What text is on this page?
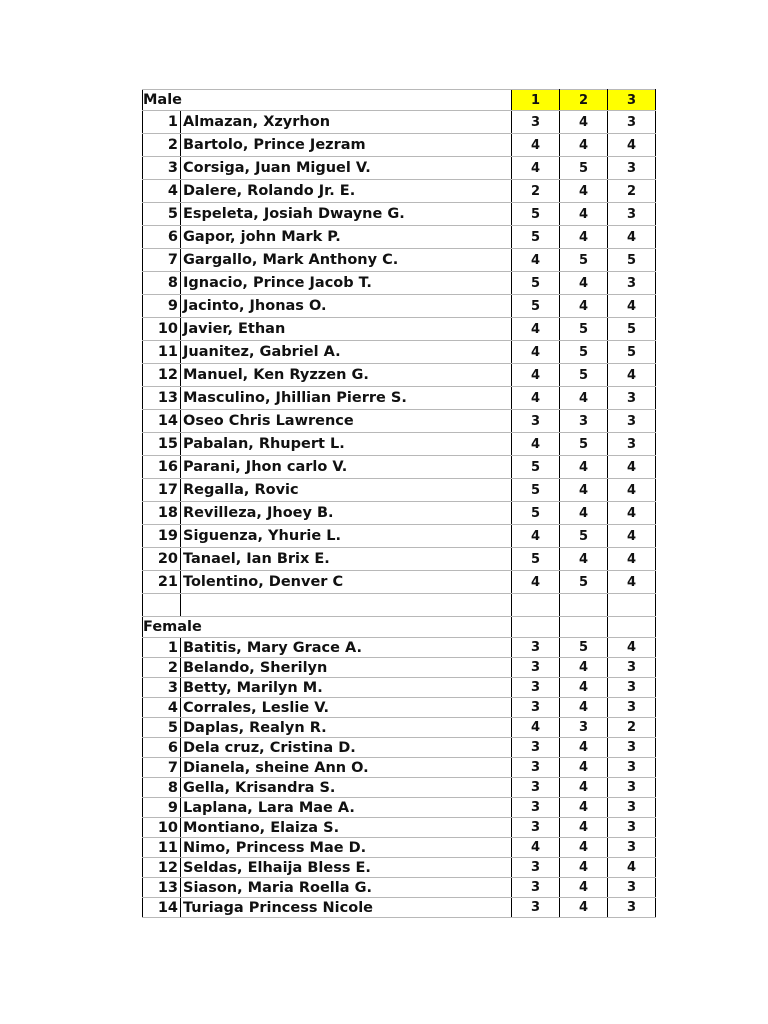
Male		1	2	3
1	Almazan, Xzyrhon	3	4	3
2	Bartolo, Prince Jezram	4	4	4
3	Corsiga, Juan Miguel V.	4	5	3
4	Dalere, Rolando Jr. E.	2	4	2
5	Espeleta, Josiah Dwayne G.	5	4	3
6	Gapor, john Mark P.	5	4	4
7	Gargallo, Mark Anthony C.	4	5	5
8	Ignacio, Prince Jacob T.	5	4	3
9	Jacinto, Jhonas O.	5	4	4
10	Javier, Ethan	4	5	5
11	Juanitez, Gabriel A.	4	5	5
12	Manuel, Ken Ryzzen G.	4	5	4
13	Masculino, Jhillian Pierre S.	4	4	3
14	Oseo Chris Lawrence	3	3	3
15	Pabalan, Rhupert L.	4	5	3
16	Parani, Jhon carlo V.	5	4	4
17	Regalla, Rovic	5	4	4
18	Revilleza, Jhoey B.	5	4	4
19	Siguenza, Yhurie L.	4	5	4
20	Tanael, Ian Brix E.	5	4	4
21	Tolentino, Denver C	4	5	4

Female				
1	Batitis, Mary Grace A.	3	5	4
2	Belando, Sherilyn	3	4	3
3	Betty, Marilyn M.	3	4	3
4	Corrales, Leslie V.	3	4	3
5	Daplas, Realyn R.	4	3	2
6	Dela cruz, Cristina D.	3	4	3
7	Dianela, sheine Ann O.	3	4	3
8	Gella, Krisandra S.	3	4	3
9	Laplana, Lara Mae A.	3	4	3
10	Montiano, Elaiza S.	3	4	3
11	Nimo, Princess Mae D.	4	4	3
12	Seldas, Elhaija Bless E.	3	4	4
13	Siason, Maria Roella G.	3	4	3
14	Turiaga Princess Nicole	3	4	3
